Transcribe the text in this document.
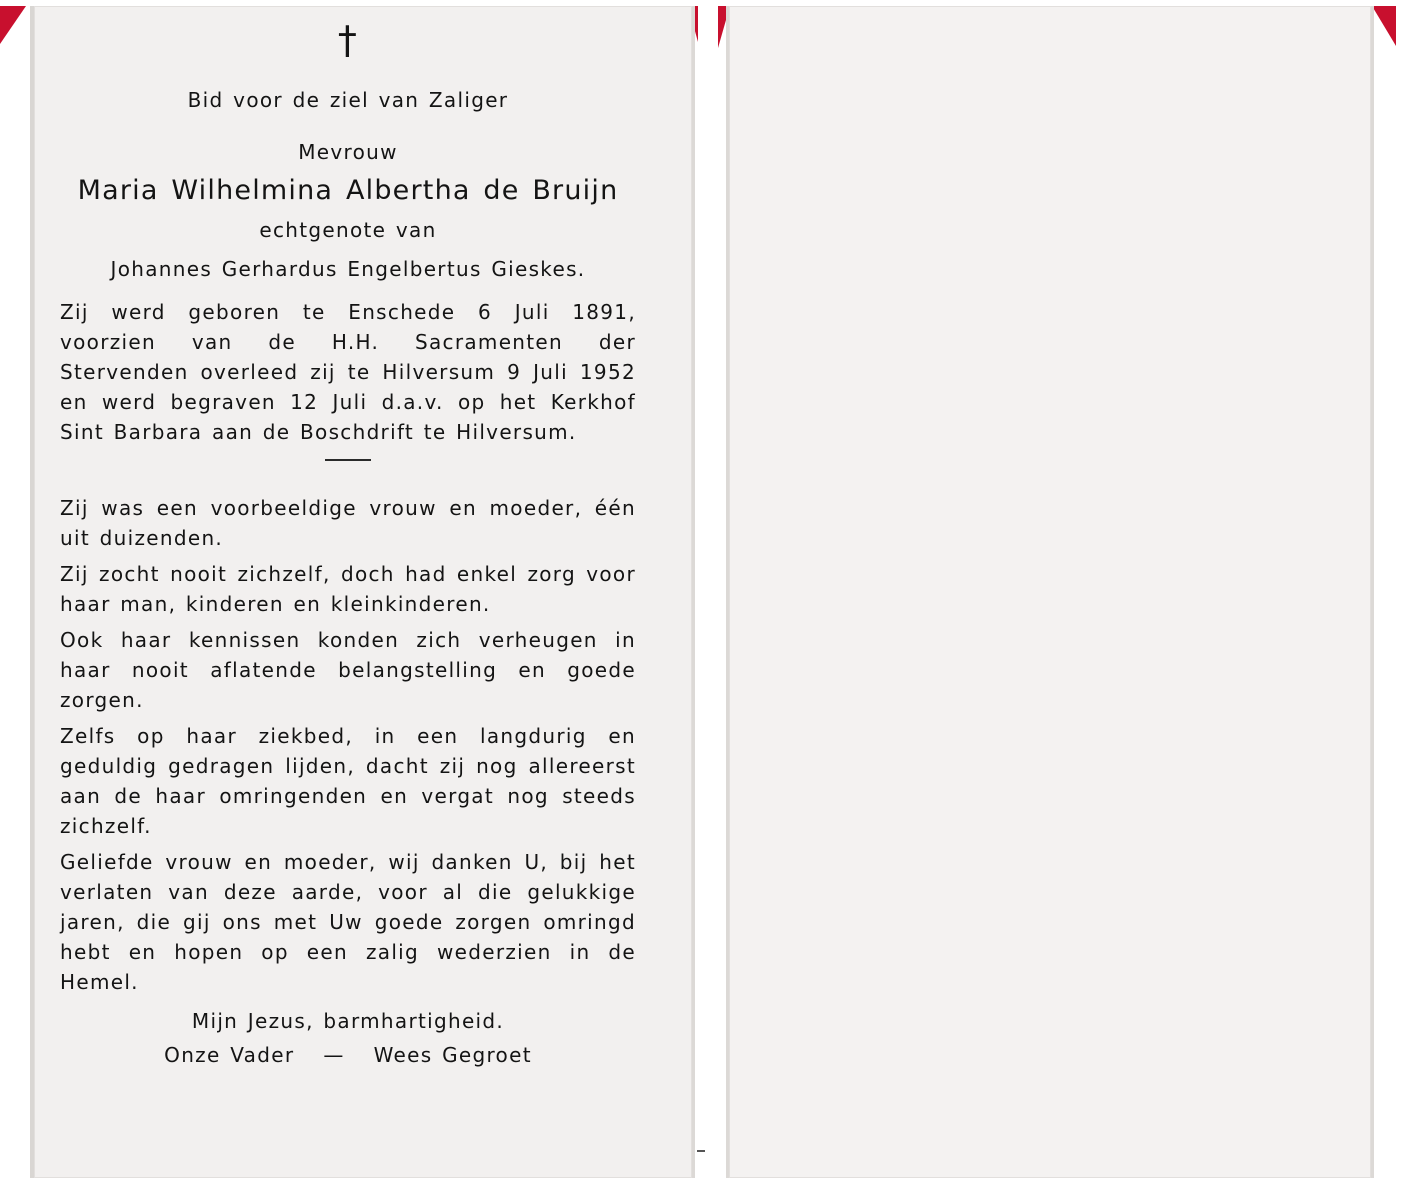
†
Bid voor de ziel van Zaliger
Mevrouw
Maria Wilhelmina Albertha de Bruijn
echtgenote van
Johannes Gerhardus Engelbertus Gieskes.

Zij werd geboren te Enschede 6 Juli 1891, voorzien van de H.H. Sacramenten der Stervenden overleed zij te Hilversum 9 Juli 1952 en werd begraven 12 Juli d.a.v. op het Kerkhof Sint Barbara aan de Boschdrift te Hilversum.

Zij was een voorbeeldige vrouw en moeder, één uit duizenden.

Zij zocht nooit zichzelf, doch had enkel zorg voor haar man, kinderen en kleinkinderen.

Ook haar kennissen konden zich verheugen in haar nooit aflatende belangstelling en goede zorgen.

Zelfs op haar ziekbed, in een langdurig en geduldig gedragen lijden, dacht zij nog allereerst aan de haar omringenden en vergat nog steeds zichzelf.

Geliefde vrouw en moeder, wij danken U, bij het verlaten van deze aarde, voor al die gelukkige jaren, die gij ons met Uw goede zorgen omringd hebt en hopen op een zalig wederzien in de Hemel.

Mijn Jezus, barmhartigheid.
Onze Vader   —   Wees Gegroet
